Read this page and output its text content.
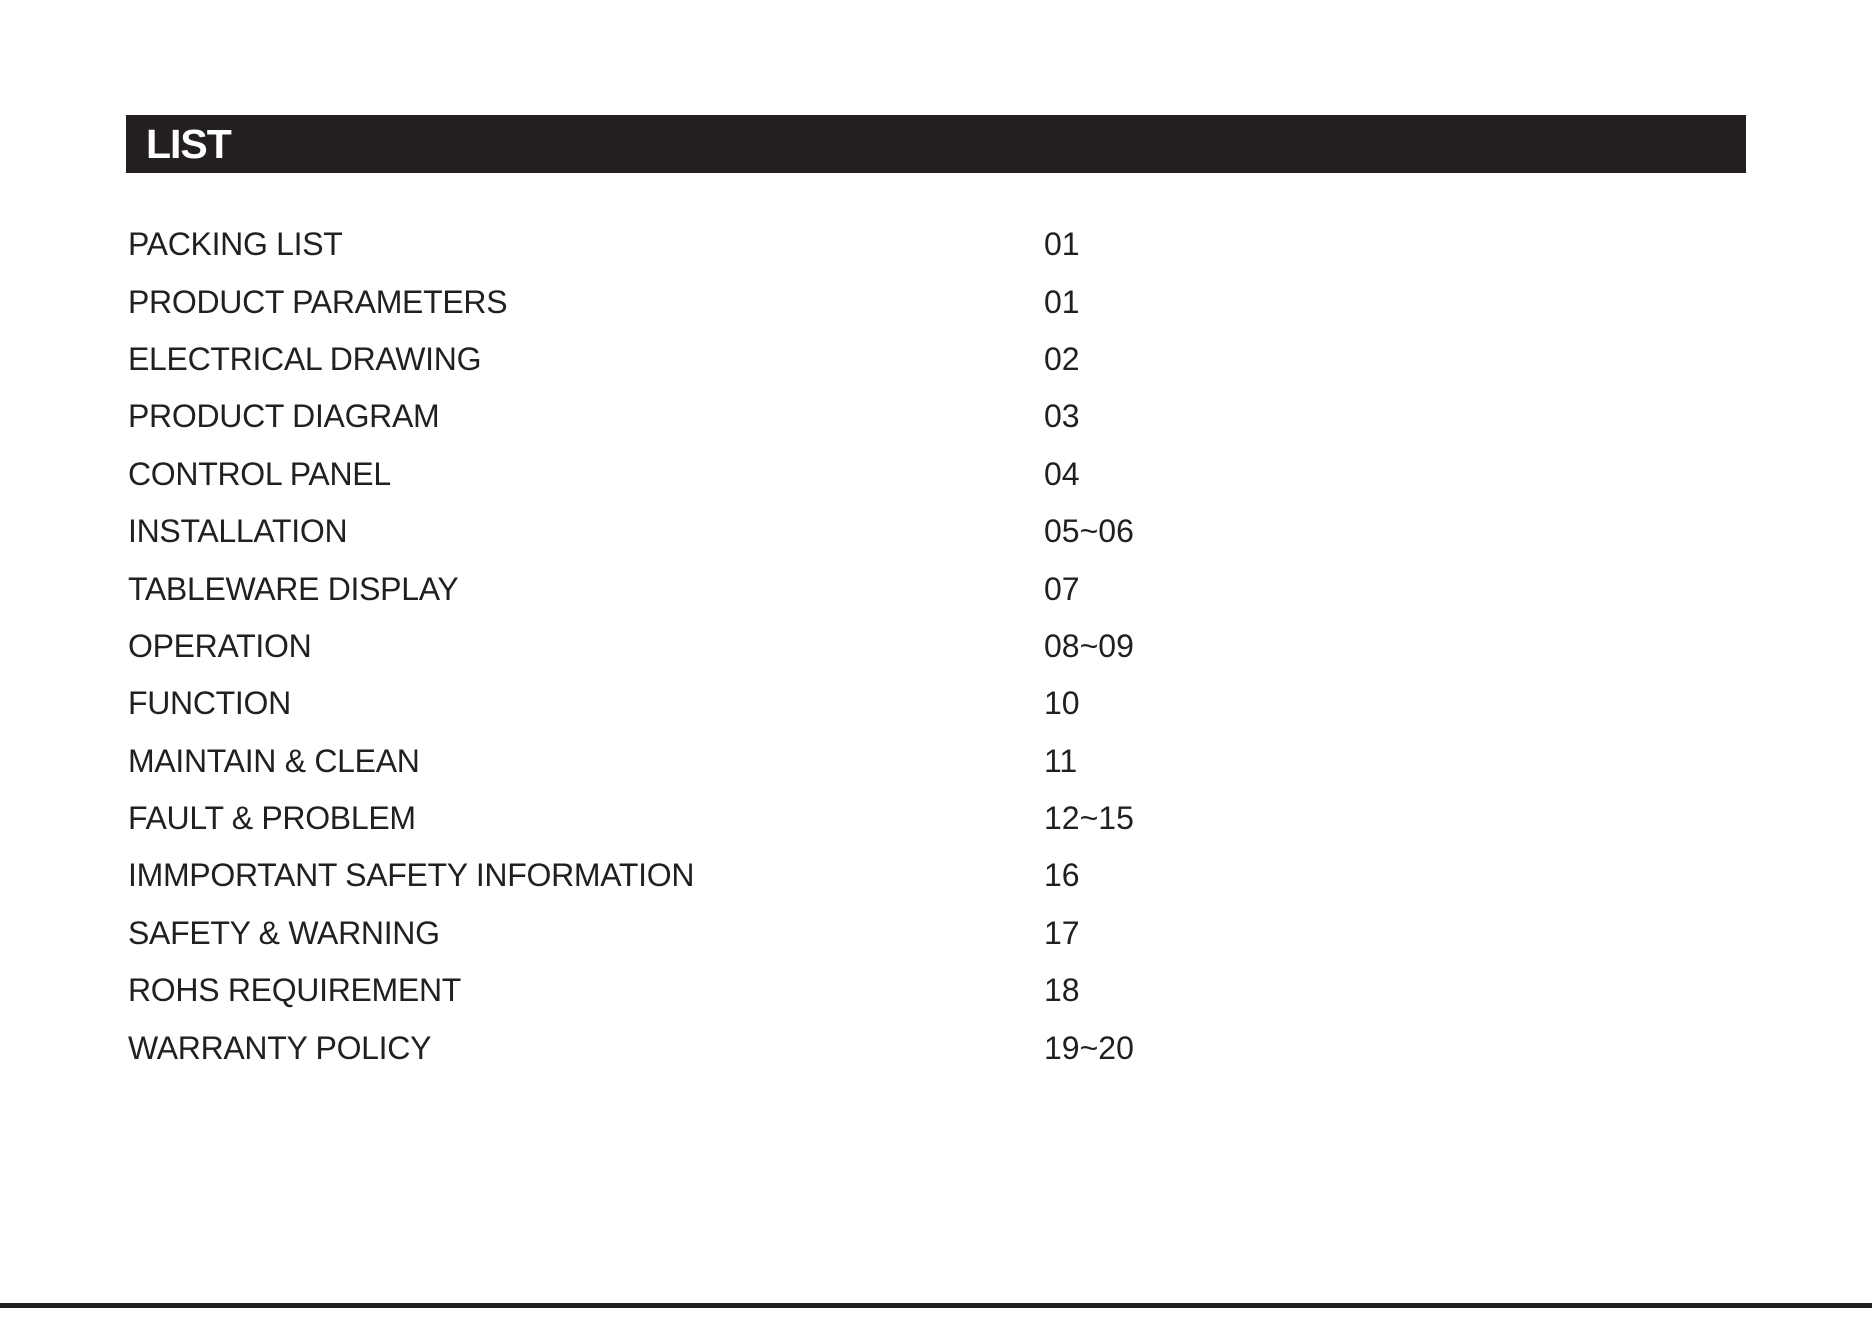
LIST
PACKING LIST	01
PRODUCT PARAMETERS	01
ELECTRICAL DRAWING	02
PRODUCT DIAGRAM	03
CONTROL PANEL	04
INSTALLATION	05~06
TABLEWARE DISPLAY	07
OPERATION	08~09
FUNCTION	10
MAINTAIN & CLEAN	11
FAULT & PROBLEM	12~15
IMMPORTANT SAFETY INFORMATION	16
SAFETY & WARNING	17
ROHS REQUIREMENT	18
WARRANTY POLICY	19~20
